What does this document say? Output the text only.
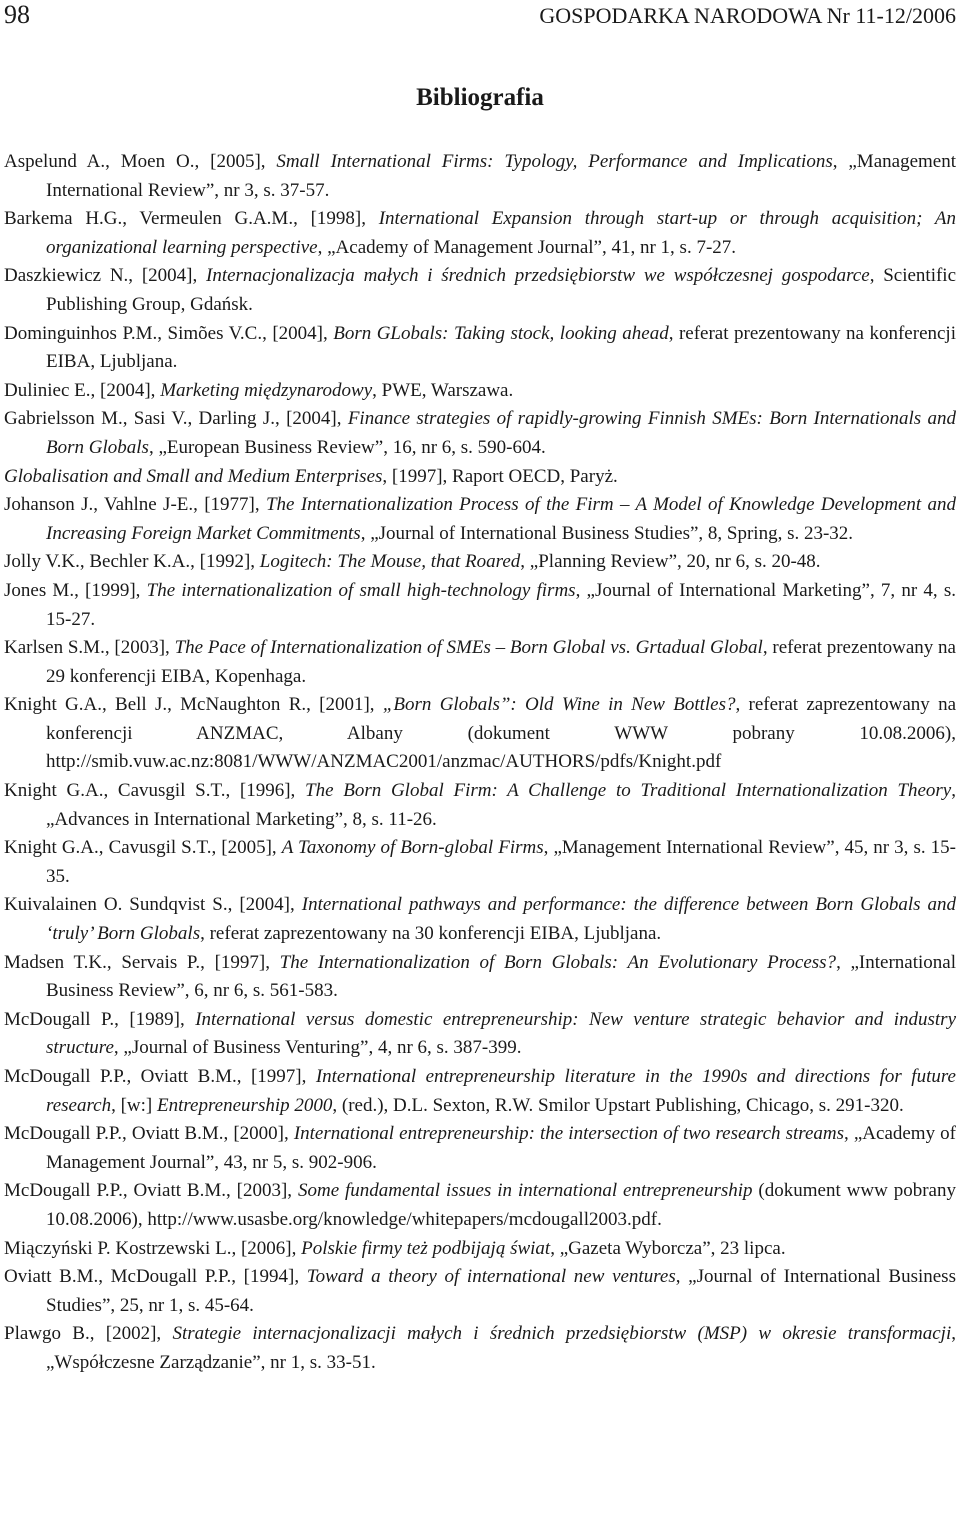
98	GOSPODARKA NARODOWA Nr 11-12/2006
Bibliografia

Aspelund A., Moen O., [2005], Small International Firms: Typology, Performance and Implications, „Management International Review”, nr 3, s. 37-57.

Barkema H.G., Vermeulen G.A.M., [1998], International Expansion through start-up or through acquisition; An organizational learning perspective, „Academy of Management Journal”, 41, nr 1, s. 7-27.

Daszkiewicz N., [2004], Internacjonalizacja małych i średnich przedsiębiorstw we współczesnej gospodarce, Scientific Publishing Group, Gdańsk.

Dominguinhos P.M., Simões V.C., [2004], Born GLobals: Taking stock, looking ahead, referat prezentowany na konferencji EIBA, Ljubljana.

Duliniec E., [2004], Marketing międzynarodowy, PWE, Warszawa.

Gabrielsson M., Sasi V., Darling J., [2004], Finance strategies of rapidly-growing Finnish SMEs: Born Internationals and Born Globals, „European Business Review”, 16, nr 6, s. 590-604.

Globalisation and Small and Medium Enterprises, [1997], Raport OECD, Paryż.

Johanson J., Vahlne J-E., [1977], The Internationalization Process of the Firm – A Model of Knowledge Development and Increasing Foreign Market Commitments, „Journal of International Business Studies”, 8, Spring, s. 23-32.

Jolly V.K., Bechler K.A., [1992], Logitech: The Mouse, that Roared, „Planning Review”, 20, nr 6, s. 20-48.

Jones M., [1999], The internationalization of small high-technology firms, „Journal of International Marketing”, 7, nr 4, s. 15-27.

Karlsen S.M., [2003], The Pace of Internationalization of SMEs – Born Global vs. Grtadual Global, referat prezentowany na 29 konferencji EIBA, Kopenhaga.

Knight G.A., Bell J., McNaughton R., [2001], „Born Globals”: Old Wine in New Bottles?, referat zaprezentowany na konferencji ANZMAC, Albany (dokument WWW pobrany 10.08.2006), http://smib.vuw.ac.nz:8081/WWW/ANZMAC2001/anzmac/AUTHORS/pdfs/Knight.pdf

Knight G.A., Cavusgil S.T., [1996], The Born Global Firm: A Challenge to Traditional Internationalization Theory, „Advances in International Marketing”, 8, s. 11-26.

Knight G.A., Cavusgil S.T., [2005], A Taxonomy of Born-global Firms, „Management International Review”, 45, nr 3, s. 15-35.

Kuivalainen O. Sundqvist S., [2004], International pathways and performance: the difference between Born Globals and ‘truly’ Born Globals, referat zaprezentowany na 30 konferencji EIBA, Ljubljana.

Madsen T.K., Servais P., [1997], The Internationalization of Born Globals: An Evolutionary Process?, „International Business Review”, 6, nr 6, s. 561-583.

McDougall P., [1989], International versus domestic entrepreneurship: New venture strategic behavior and industry structure, „Journal of Business Venturing”, 4, nr 6, s. 387-399.

McDougall P.P., Oviatt B.M., [1997], International entrepreneurship literature in the 1990s and directions for future research, [w:] Entrepreneurship 2000, (red.), D.L. Sexton, R.W. Smilor Upstart Publishing, Chicago, s. 291-320.

McDougall P.P., Oviatt B.M., [2000], International entrepreneurship: the intersection of two research streams, „Academy of Management Journal”, 43, nr 5, s. 902-906.

McDougall P.P., Oviatt B.M., [2003], Some fundamental issues in international entrepreneurship (dokument www pobrany 10.08.2006), http://www.usasbe.org/knowledge/whitepapers/mcdougall2003.pdf.

Miączyński P. Kostrzewski L., [2006], Polskie firmy też podbijają świat, „Gazeta Wyborcza”, 23 lipca.

Oviatt B.M., McDougall P.P., [1994], Toward a theory of international new ventures, „Journal of International Business Studies”, 25, nr 1, s. 45-64.

Plawgo B., [2002], Strategie internacjonalizacji małych i średnich przedsiębiorstw (MSP) w okresie transformacji, „Współczesne Zarządzanie”, nr 1, s. 33-51.
